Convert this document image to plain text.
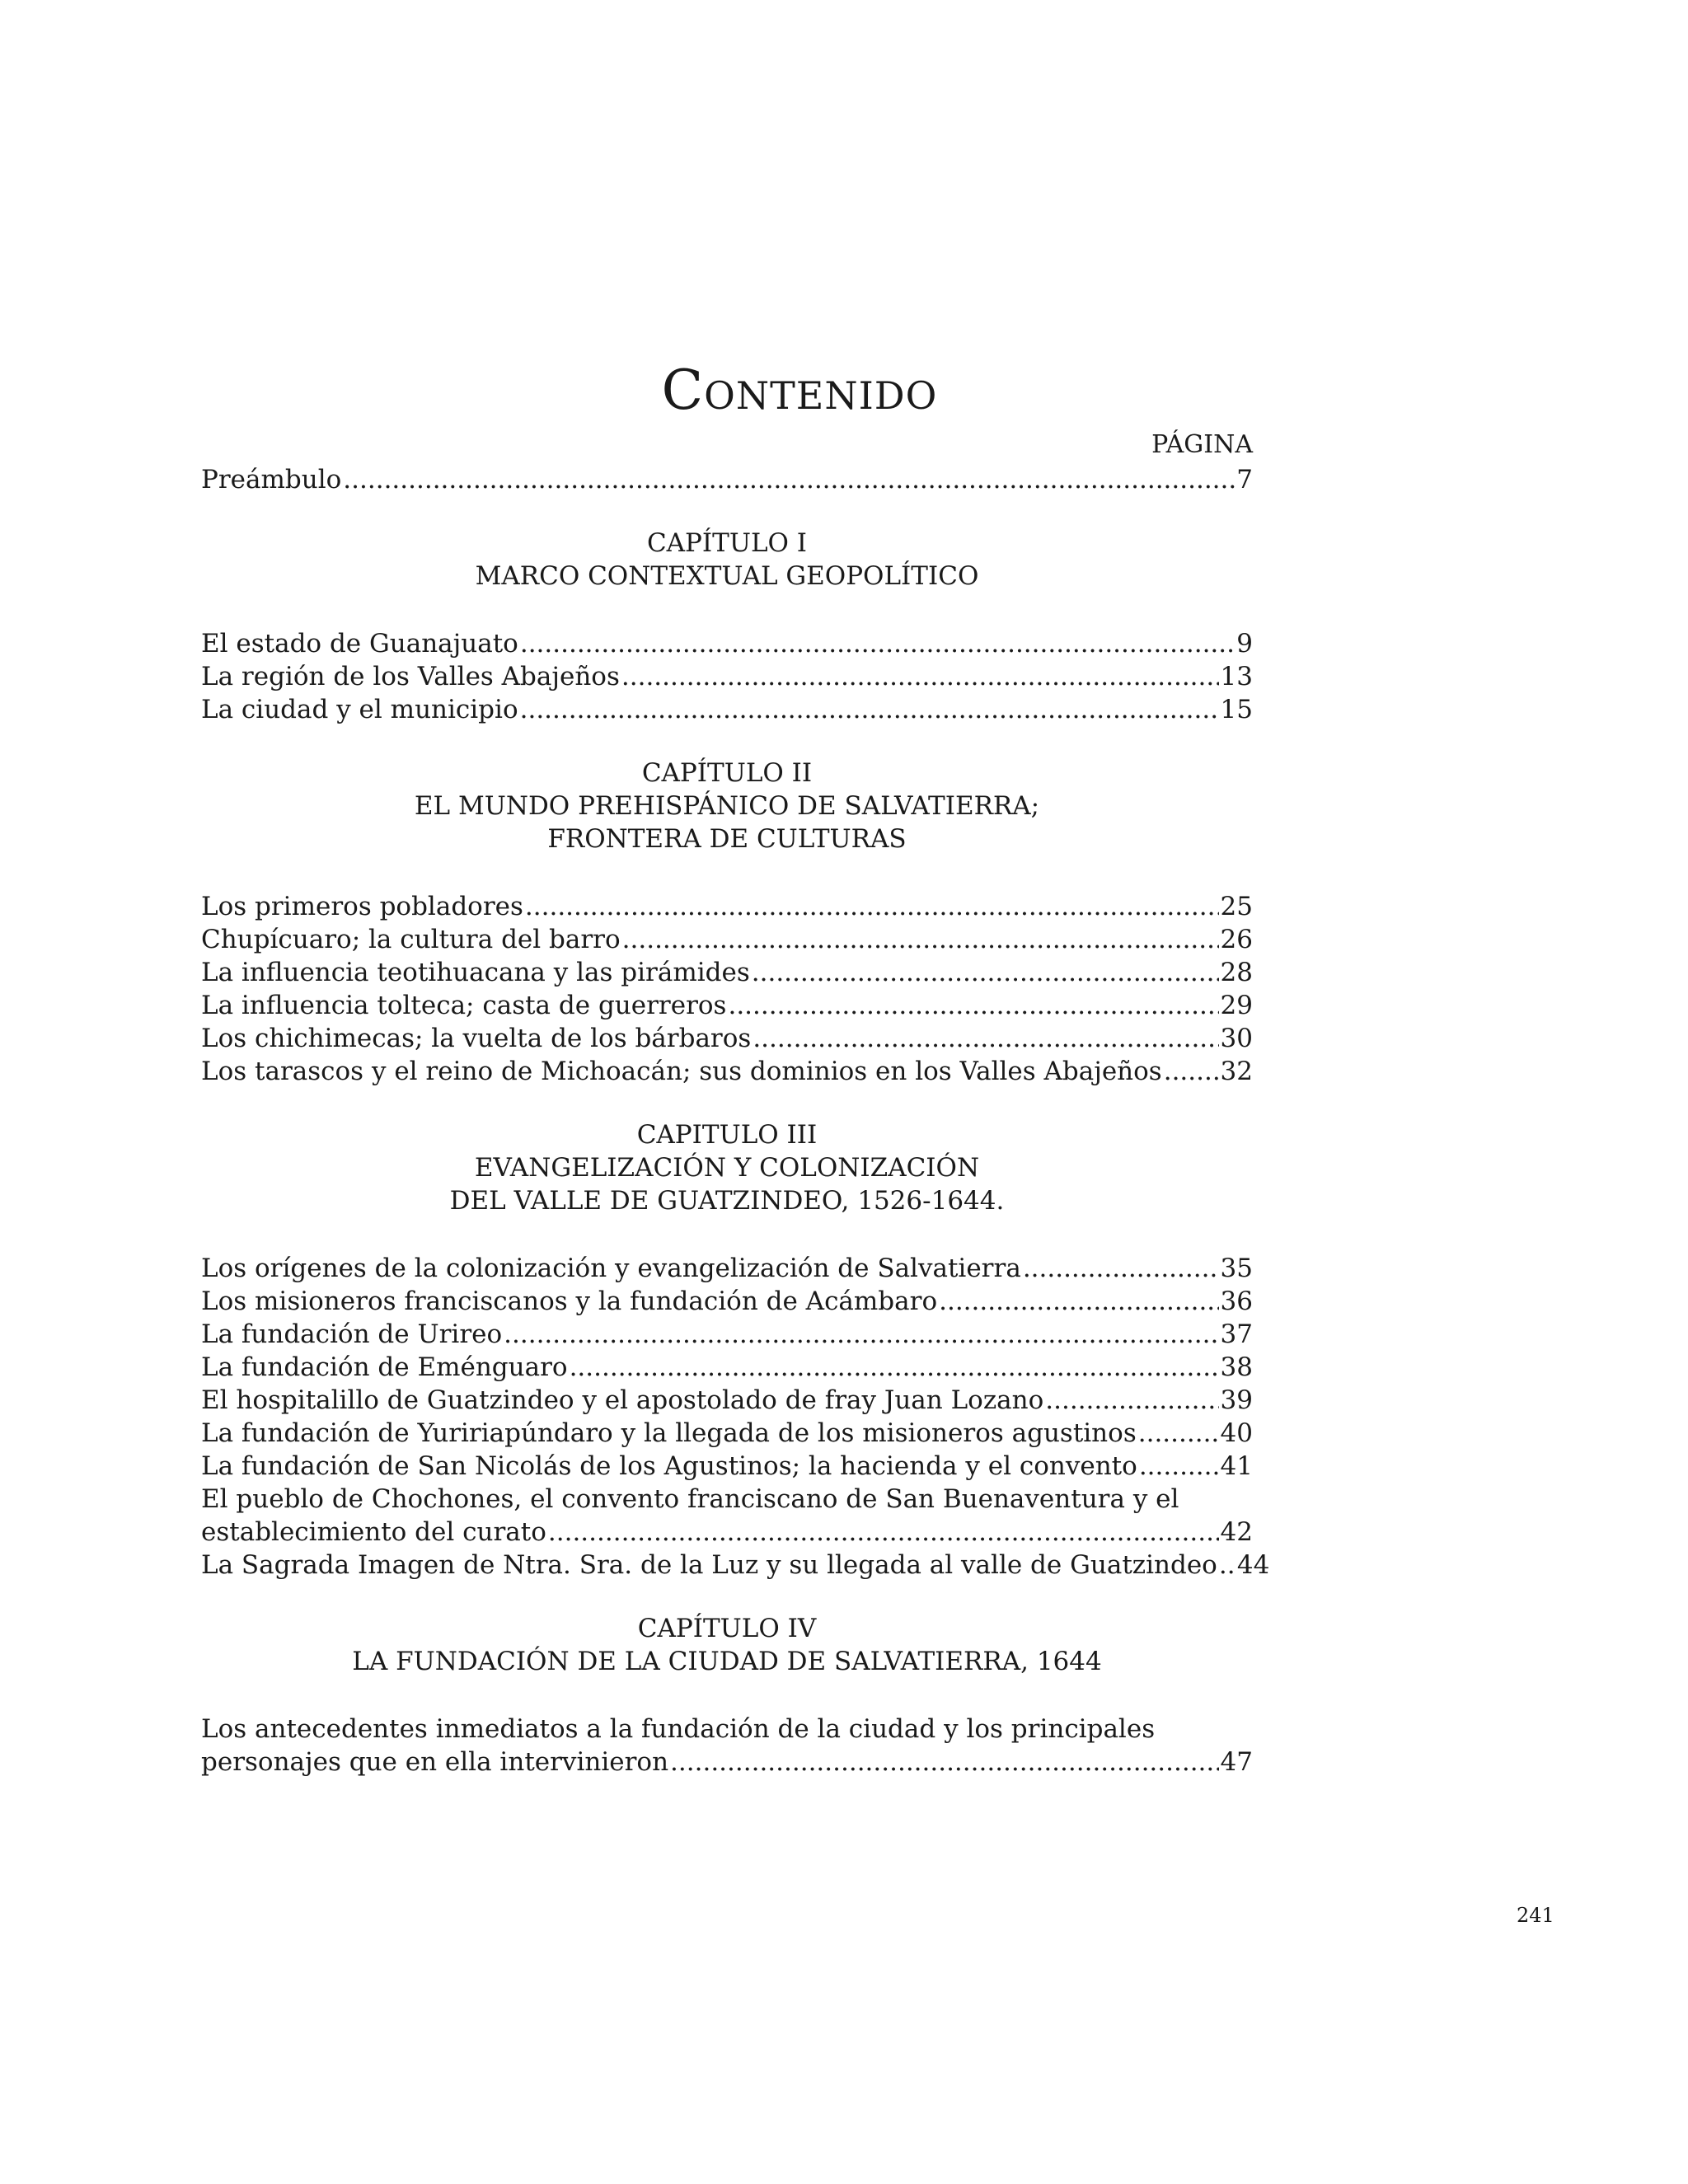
Contenido
PÁGINA
Preámbulo .....	7
CAPÍTULO I
MARCO CONTEXTUAL GEOPOLÍTICO
El estado de Guanajuato .....	9
La región de los Valles Abajeños .....	13
La ciudad y el municipio .....	15
CAPÍTULO II
EL MUNDO PREHISPÁNICO DE SALVATIERRA;
FRONTERA DE CULTURAS
Los primeros pobladores .....	25
Chupícuaro; la cultura del barro .....	26
La influencia teotihuacana y las pirámides .....	28
La influencia tolteca; casta de guerreros .....	29
Los chichimecas; la vuelta de los bárbaros .....	30
Los tarascos y el reino de Michoacán; sus dominios en los Valles Abajeños ..... 32
CAPITULO III
EVANGELIZACIÓN Y COLONIZACIÓN
DEL VALLE DE GUATZINDEO, 1526-1644.
Los orígenes de la colonización y evangelización de Salvatierra .....	35
Los misioneros franciscanos y la fundación de Acámbaro .....	36
La fundación de Urireo .....	37
La fundación de Eménguaro .....	38
El hospitalillo de Guatzindeo y el apostolado de fray Juan Lozano .....	39
La fundación de Yuririapúndaro y la llegada de los misioneros agustinos .....	40
La fundación de San Nicolás de los Agustinos; la hacienda y el convento .....	41
El pueblo de Chochones, el convento franciscano de San Buenaventura y el
establecimiento del curato .....	42
La Sagrada Imagen de Ntra. Sra. de la Luz y su llegada al valle de Guatzindeo ..... 44
CAPÍTULO IV
LA FUNDACIÓN DE LA CIUDAD DE SALVATIERRA, 1644
Los antecedentes inmediatos a la fundación de la ciudad y los principales
personajes que en ella intervinieron .....	47
241
